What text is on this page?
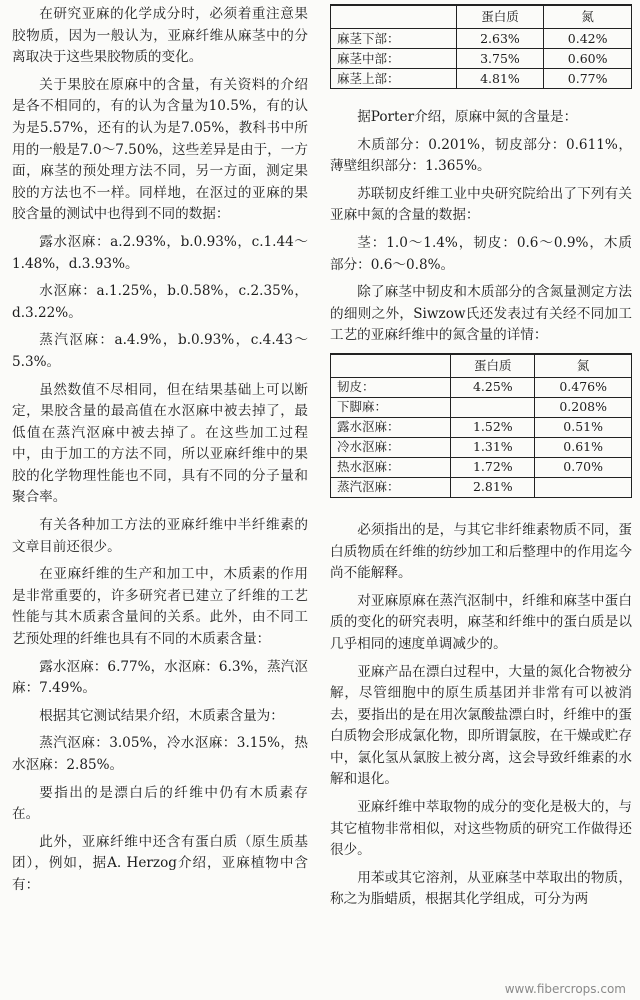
在研究亚麻的化学成分时，必须着重注意果胶物质，因为一般认为，亚麻纤维从麻茎中的分离取决于这些果胶物质的变化。

关于果胶在原麻中的含量，有关资料的介绍是各不相同的，有的认为含量为10.5%，有的认为是5.57%，还有的认为是7.05%，教科书中所用的一般是7.0～7.50%，这些差异是由于，一方面，麻茎的预处理方法不同，另一方面，测定果胶的方法也不一样。同样地，在沤过的亚麻的果胶含量的测试中也得到不同的数据：

露水沤麻：a.2.93%，b.0.93%，c.1.44～1.48%，d.3.93%。

水沤麻：a.1.25%，b.0.58%，c.2.35%，d.3.22%。

蒸汽沤麻：a.4.9%，b.0.93%，c.4.43～5.3%。

虽然数值不尽相同，但在结果基础上可以断定，果胶含量的最高值在水沤麻中被去掉了，最低值在蒸汽沤麻中被去掉了。在这些加工过程中，由于加工的方法不同，所以亚麻纤维中的果胶的化学物理性能也不同，具有不同的分子量和聚合率。

有关各种加工方法的亚麻纤维中半纤维素的文章目前还很少。

在亚麻纤维的生产和加工中，木质素的作用是非常重要的，许多研究者已建立了纤维的工艺性能与其木质素含量间的关系。此外，由不同工艺预处理的纤维也具有不同的木质素含量：

露水沤麻：6.77%，水沤麻：6.3%，蒸汽沤麻：7.49%。

根据其它测试结果介绍，木质素含量为：

蒸汽沤麻：3.05%，冷水沤麻：3.15%，热水沤麻：2.85%。

要指出的是漂白后的纤维中仍有木质素存在。

此外，亚麻纤维中还含有蛋白质（原生质基团），例如，据A. Herzog介绍，亚麻植物中含有：

	蛋白质	氮
麻茎下部：	2.63%	0.42%
麻茎中部：	3.75%	0.60%
麻茎上部：	4.81%	0.77%

据Porter介绍，原麻中氮的含量是：

木质部分：0.201%，韧皮部分：0.611%，薄壁组织部分：1.365%。

苏联韧皮纤维工业中央研究院给出了下列有关亚麻中氮的含量的数据：

茎：1.0～1.4%，韧皮：0.6～0.9%，木质部分：0.6～0.8%。

除了麻茎中韧皮和木质部分的含氮量测定方法的细则之外，Siwzow氏还发表过有关经不同加工工艺的亚麻纤维中的氮含量的详情：

	蛋白质	氮
韧皮：	4.25%	0.476%
下脚麻：		0.208%
露水沤麻：	1.52%	0.51%
冷水沤麻：	1.31%	0.61%
热水沤麻：	1.72%	0.70%
蒸汽沤麻：	2.81%	

必须指出的是，与其它非纤维素物质不同，蛋白质物质在纤维的纺纱加工和后整理中的作用迄今尚不能解释。

对亚麻原麻在蒸汽沤制中，纤维和麻茎中蛋白质的变化的研究表明，麻茎和纤维中的蛋白质是以几乎相同的速度单调减少的。

亚麻产品在漂白过程中，大量的氮化合物被分解，尽管细胞中的原生质基团并非常有可以被消去，要指出的是在用次氯酸盐漂白时，纤维中的蛋白质物会形成氯化物，即所谓氯胺，在干燥或贮存中，氯化氢从氯胺上被分离，这会导致纤维素的水解和退化。

亚麻纤维中萃取物的成分的变化是极大的，与其它植物非常相似，对这些物质的研究工作做得还很少。

用苯或其它溶剂，从亚麻茎中萃取出的物质，称之为脂蜡质，根据其化学组成，可分为两

www.fibercrops.com
